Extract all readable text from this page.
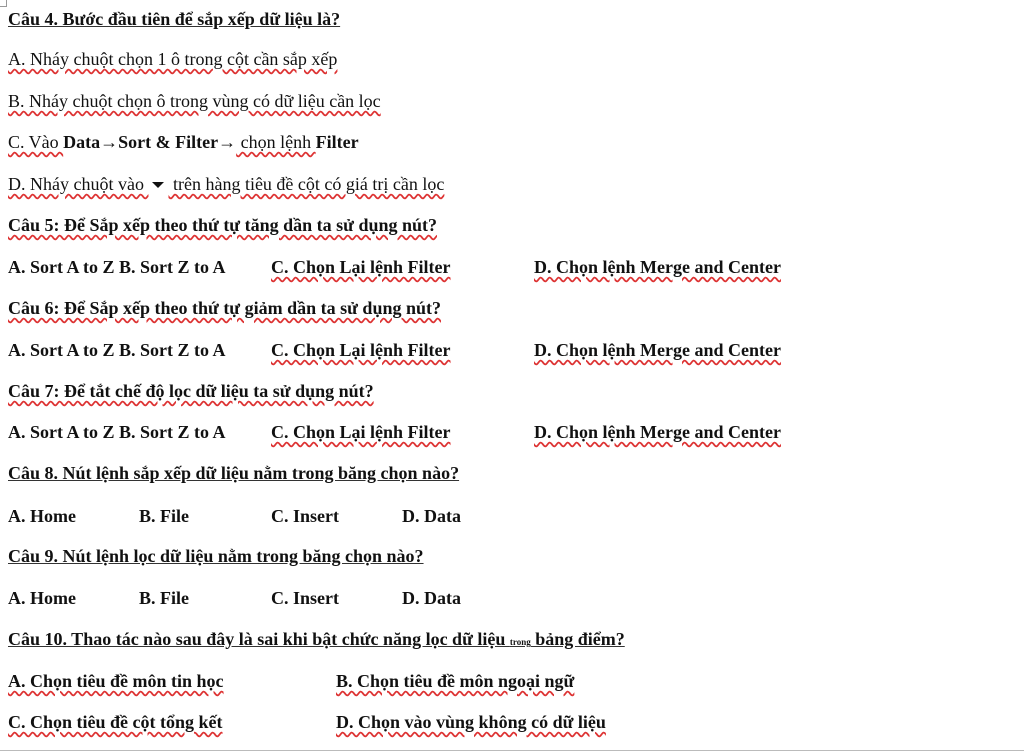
Câu 4. Bước đầu tiên để sắp xếp dữ liệu là?
A. Nháy chuột chọn 1 ô trong cột cần sắp xếp
B. Nháy chuột chọn ô trong vùng có dữ liệu cần lọc
C. Vào Data→Sort & Filter→ chọn lệnh Filter
D. Nháy chuột vào  trên hàng tiêu đề cột có giá trị cần lọc
Câu 5: Để Sắp xếp theo thứ tự tăng dần ta sử dụng nút?
A. Sort A to Z B. Sort Z to A	C. Chọn Lại lệnh Filter	D. Chọn lệnh Merge and Center
Câu 6: Để Sắp xếp theo thứ tự giảm dần ta sử dụng nút?
A. Sort A to Z B. Sort Z to A	C. Chọn Lại lệnh Filter	D. Chọn lệnh Merge and Center
Câu 7: Để tắt chế độ lọc dữ liệu ta sử dụng nút?
A. Sort A to Z B. Sort Z to A	C. Chọn Lại lệnh Filter	D. Chọn lệnh Merge and Center
Câu 8. Nút lệnh sắp xếp dữ liệu nằm trong băng chọn nào?
A. Home	B. File	C. Insert	D. Data
Câu 9. Nút lệnh lọc dữ liệu nằm trong băng chọn nào?
A. Home	B. File	C. Insert	D. Data
Câu 10. Thao tác nào sau đây là sai khi bật chức năng lọc dữ liệu trong bảng điểm?
A. Chọn tiêu đề môn tin học	B. Chọn tiêu đề môn ngoại ngữ
C. Chọn tiêu đề cột tổng kết	D. Chọn vào vùng không có dữ liệu
